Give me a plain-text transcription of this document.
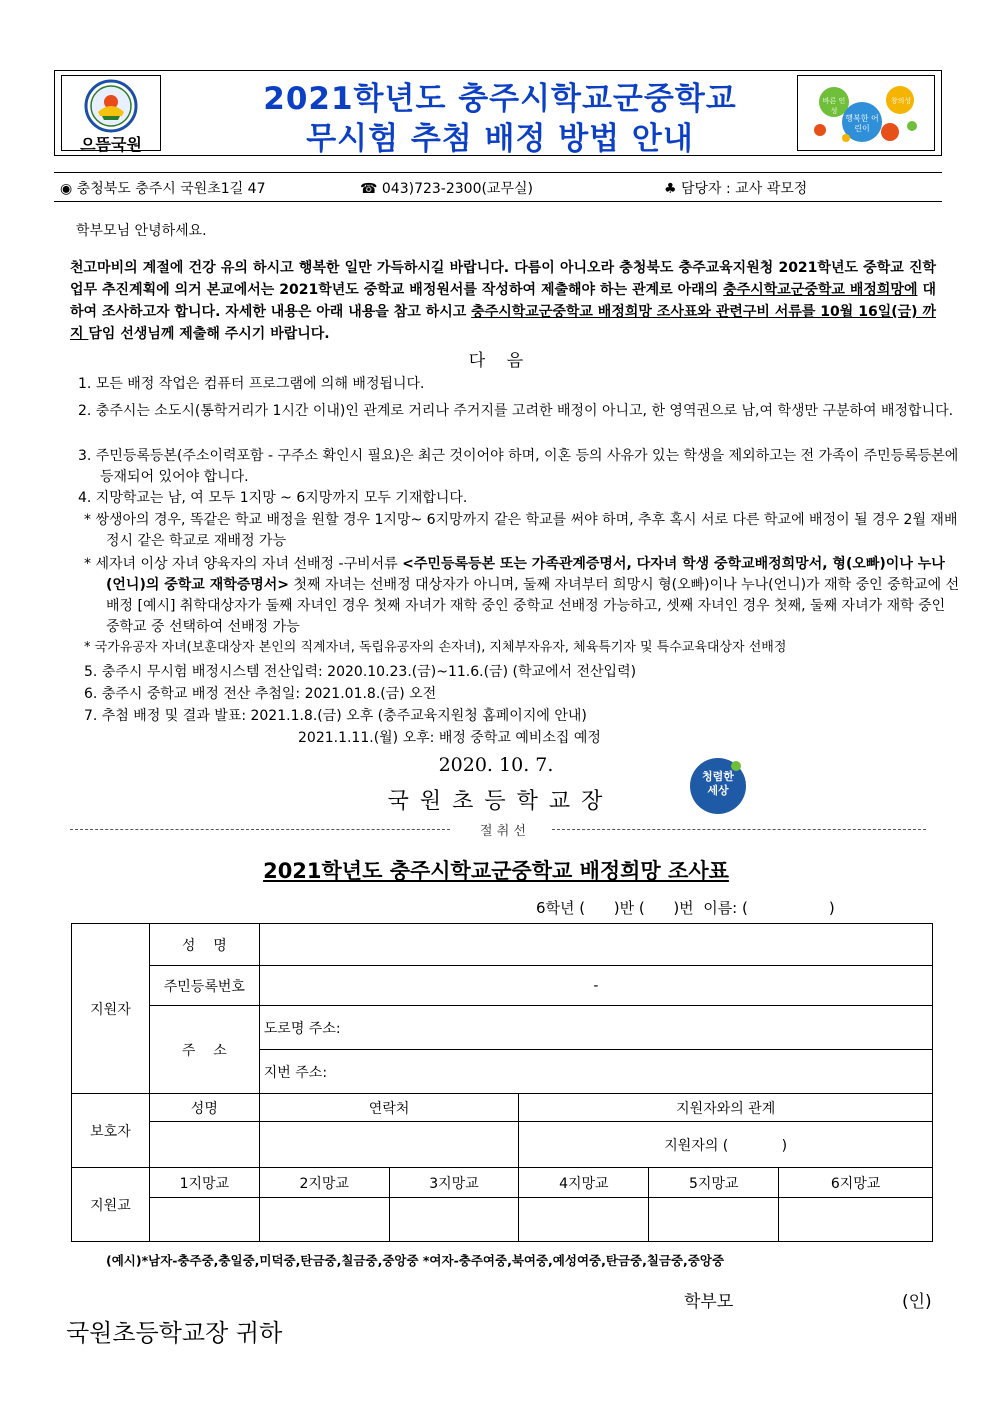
으뜸국원
2021학년도 충주시학교군중학교
무시험 추첨 배정 방법 안내
바른 인성
창의성
행복한 어린이
◉ 충청북도 충주시 국원초1길 47	☎ 043)723-2300(교무실)	♣ 담당자 : 교사 곽모정
학부모님 안녕하세요.
천고마비의 계절에 건강 유의 하시고 행복한 일만 가득하시길 바랍니다. 다름이 아니오라 충청북도 충주교육지원청 2021학년도 중학교 진학업무 추진계획에 의거 본교에서는 2021학년도 중학교 배정원서를 작성하여 제출해야 하는 관계로 아래의 충주시학교군중학교 배정희망에 대하여 조사하고자 합니다. 자세한 내용은 아래 내용을 참고 하시고 충주시학교군중학교 배정희망 조사표와 관련구비 서류를 10월 16일(금) 까지 담임 선생님께 제출해 주시기 바랍니다.
다    음
1. 모든 배정 작업은 컴퓨터 프로그램에 의해 배정됩니다.
2. 충주시는 소도시(통학거리가 1시간 이내)인 관계로 거리나 주거지를 고려한 배정이 아니고, 한 영역권으로 남,여 학생만 구분하여 배정합니다.
3. 주민등록등본(주소이력포함 - 구주소 확인시 필요)은 최근 것이어야 하며, 이혼 등의 사유가 있는 학생을 제외하고는 전 가족이 주민등록등본에 등재되어 있어야 합니다.
4. 지망학교는 남, 여 모두 1지망 ~ 6지망까지 모두 기재합니다.
* 쌍생아의 경우, 똑같은 학교 배정을 원할 경우 1지망~ 6지망까지 같은 학교를 써야 하며, 추후 혹시 서로 다른 학교에 배정이 될 경우 2월 재배정시 같은 학교로 재배정 가능
* 세자녀 이상 자녀 양육자의 자녀 선배정 -구비서류 <주민등록등본 또는 가족관계증명서, 다자녀 학생 중학교배정희망서, 형(오빠)이나 누나(언니)의 중학교 재학증명서> 첫째 자녀는 선배정 대상자가 아니며, 둘째 자녀부터 희망시 형(오빠)이나 누나(언니)가 재학 중인 중학교에 선배정 [예시] 취학대상자가 둘째 자녀인 경우 첫째 자녀가 재학 중인 중학교 선배정 가능하고, 셋째 자녀인 경우 첫째, 둘째 자녀가 재학 중인 중학교 중 선택하여 선배정 가능
* 국가유공자 자녀(보훈대상자 본인의 직계자녀, 독립유공자의 손자녀), 지체부자유자, 체육특기자 및 특수교육대상자 선배정
5. 충주시 무시험 배정시스템 전산입력: 2020.10.23.(금)~11.6.(금) (학교에서 전산입력)
6. 충주시 중학교 배정 전산 추첨일: 2021.01.8.(금) 오전
7. 추첨 배정 및 결과 발표: 2021.1.8.(금) 오후 (충주교육지원청 홈페이지에 안내)
2021.1.11.(월) 오후: 배정 중학교 예비소집 예정
2020. 10. 7.
국 원 초 등 학 교 장
청렴한 세상
절 취 선
2021학년도 충주시학교군중학교 배정희망 조사표
6학년 (      )반 (      )번  이름: (                 )
지원자	성    명					
	주민등록번호	-				
	주    소	도로명 주소:				
		지번 주소:				
보호자	성명	연락처		지원자와의 관계		
				지원자의 (            )		
지원교	1지망교	2지망교	3지망교	4지망교	5지망교	6지망교

(예시)*남자-충주중,충일중,미덕중,탄금중,칠금중,중앙중 *여자-충주여중,북여중,예성여중,탄금중,칠금중,중앙중
학부모	(인)
국원초등학교장 귀하
